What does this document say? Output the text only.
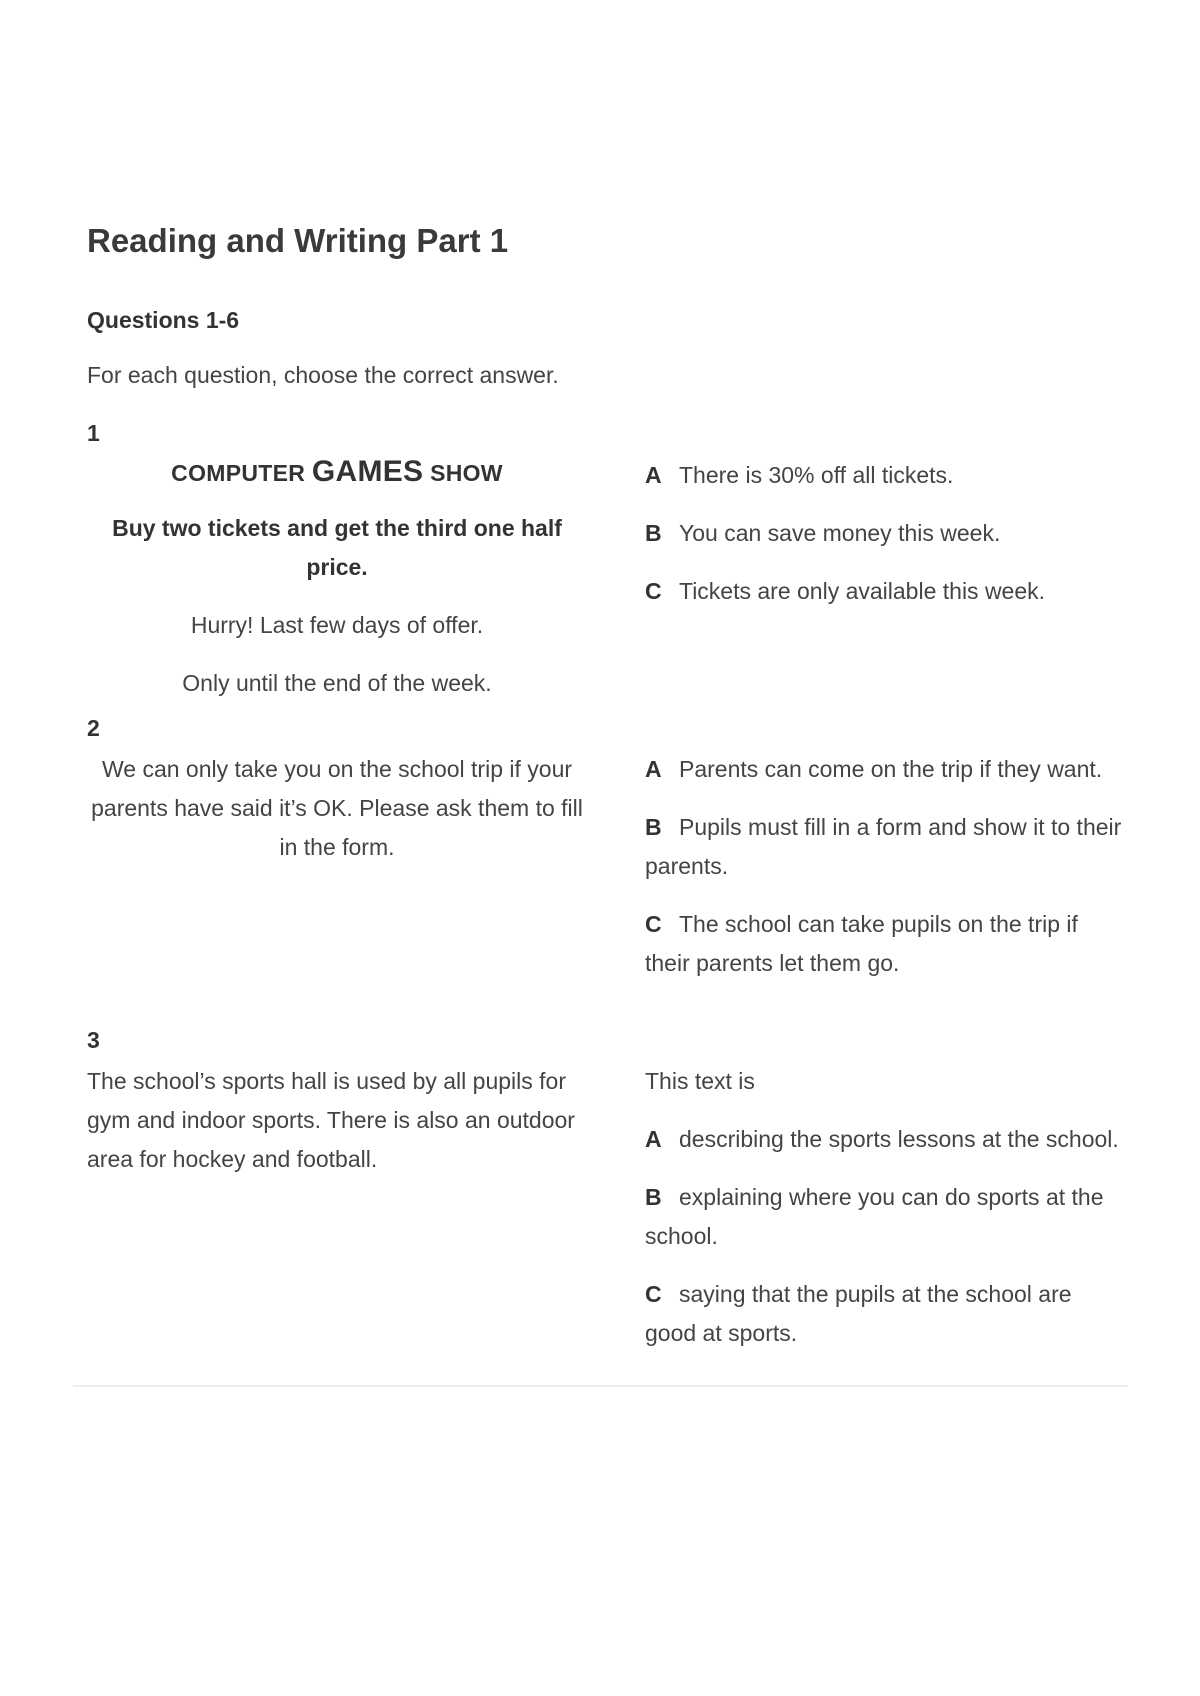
Reading and Writing Part 1
Questions 1-6

For each question, choose the correct answer.

1

COMPUTER GAMES SHOW

Buy two tickets and get the third one half price.

Hurry! Last few days of offer.

Only until the end of the week.

A There is 30% off all tickets.

B You can save money this week.

C Tickets are only available this week.

2

We can only take you on the school trip if your parents have said it’s OK. Please ask them to fill in the form.

A Parents can come on the trip if they want.

B Pupils must fill in a form and show it to their parents.

C The school can take pupils on the trip if their parents let them go.

3

The school’s sports hall is used by all pupils for gym and indoor sports. There is also an outdoor area for hockey and football.

This text is

A describing the sports lessons at the school.

B explaining where you can do sports at the school.

C saying that the pupils at the school are good at sports.
